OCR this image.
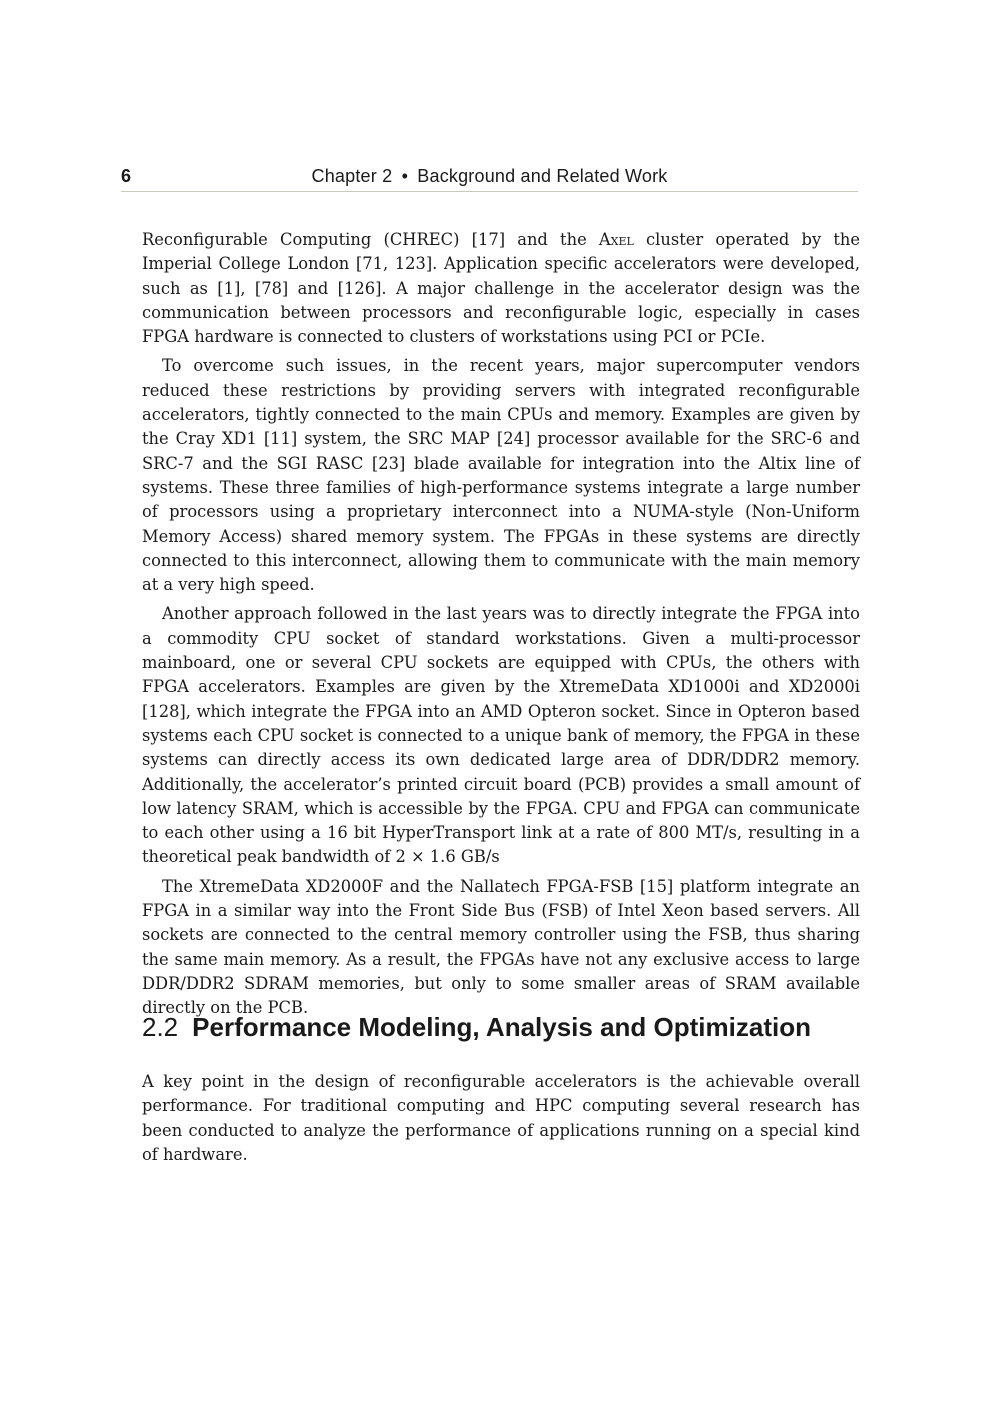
6	Chapter 2 • Background and Related Work

Reconfigurable Computing (CHREC) [17] and the Axel cluster operated by the Imperial College London [71, 123]. Application specific accelerators were developed, such as [1], [78] and [126]. A major challenge in the accelerator design was the communication between processors and reconfigurable logic, especially in cases FPGA hardware is connected to clusters of workstations using PCI or PCIe.

To overcome such issues, in the recent years, major supercomputer vendors reduced these restrictions by providing servers with integrated reconfigurable accelerators, tightly connected to the main CPUs and memory. Examples are given by the Cray XD1 [11] system, the SRC MAP [24] processor available for the SRC-6 and SRC-7 and the SGI RASC [23] blade available for integration into the Altix line of systems. These three families of high-performance systems integrate a large number of processors using a proprietary interconnect into a NUMA-style (Non-Uniform Memory Access) shared memory system. The FPGAs in these systems are directly connected to this interconnect, allowing them to communicate with the main memory at a very high speed.

Another approach followed in the last years was to directly integrate the FPGA into a commodity CPU socket of standard workstations. Given a multi-processor mainboard, one or several CPU sockets are equipped with CPUs, the others with FPGA accelerators. Examples are given by the XtremeData XD1000i and XD2000i [128], which integrate the FPGA into an AMD Opteron socket. Since in Opteron based systems each CPU socket is connected to a unique bank of memory, the FPGA in these systems can directly access its own dedicated large area of DDR/DDR2 memory. Additionally, the accelerator’s printed circuit board (PCB) provides a small amount of low latency SRAM, which is accessible by the FPGA. CPU and FPGA can communicate to each other using a 16 bit HyperTransport link at a rate of 800 MT/s, resulting in a theoretical peak bandwidth of 2 × 1.6 GB/s

The XtremeData XD2000F and the Nallatech FPGA-FSB [15] platform integrate an FPGA in a similar way into the Front Side Bus (FSB) of Intel Xeon based servers. All sockets are connected to the central memory controller using the FSB, thus sharing the same main memory. As a result, the FPGAs have not any exclusive access to large DDR/DDR2 SDRAM memories, but only to some smaller areas of SRAM available directly on the PCB.

2.2 Performance Modeling, Analysis and Optimization

A key point in the design of reconfigurable accelerators is the achievable overall performance. For traditional computing and HPC computing several research has been conducted to analyze the performance of applications running on a special kind of hardware.
